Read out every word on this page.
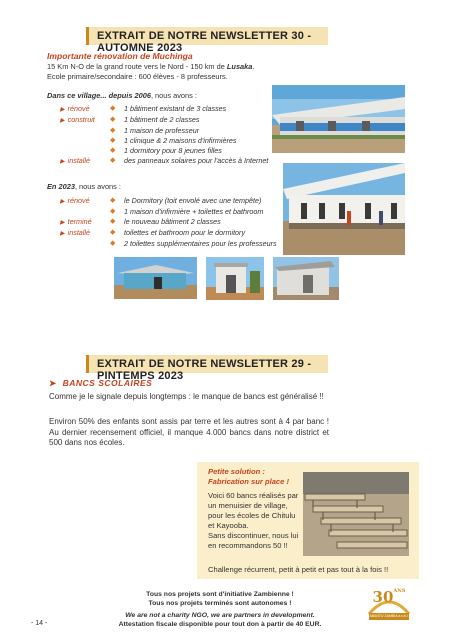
EXTRAIT DE NOTRE NEWSLETTER 30 - AUTOMNE 2023
Importante rénovation de Muchinga
15 Km N-O de la grand route vers le Nord - 150 km de Lusaka.
Ecole primaire/secondaire : 600 élèves - 8 professeurs.
Dans ce village... depuis 2006, nous avons :
▶ rénové	◆	1 bâtiment existant de 3 classes
▶ construit	◆	1 bâtiment de 2 classes
◆	1 maison de professeur
◆	1 clinique & 2 maisons d'infirmières
◆	1 dormitory pour 8 jeunes filles
▶ installé	◆	des panneaux solaires pour l'accès à Internet
En 2023, nous avons :
▶ rénové	◆	le Dormitory (toit envolé avec une tempête)
◆	1 maison d'infirmière + toilettes et bathroom
▶ terminé	◆	le nouveau bâtiment 2 classes
▶ installé	◆	toilettes et bathroom pour le dormitory
◆	2 toilettes supplémentaires pour les professeurs
EXTRAIT DE NOTRE NEWSLETTER 29 - PINTEMPS 2023
➤ BANCS SCOLAIRES
Comme je le signale depuis longtemps : le manque de bancs est généralisé !!
Environ 50% des enfants sont assis par terre et les autres sont à 4 par banc ! Au dernier recensement officiel, il manque 4.000 bancs dans notre district et 500 dans nos écoles.
Petite solution :
Fabrication sur place !
Voici 60 bancs réalisés par un menuisier de village, pour les écoles de Chitulu et Kayooba.
Sans discontinuer, nous lui en recommandons 50 !!
Challenge récurrent, petit à petit et pas tout à la fois !!
Tous nos projets sont d'initiative Zambienne !
Tous nos projets terminés sont autonomes !
We are not a charity NGO, we are partners in development.
Attestation fiscale disponible pour tout don à partir de 40 EUR.
- 14 -
$30^{ANS}$
ABANTU ZAMBIA a.s.b.l.
